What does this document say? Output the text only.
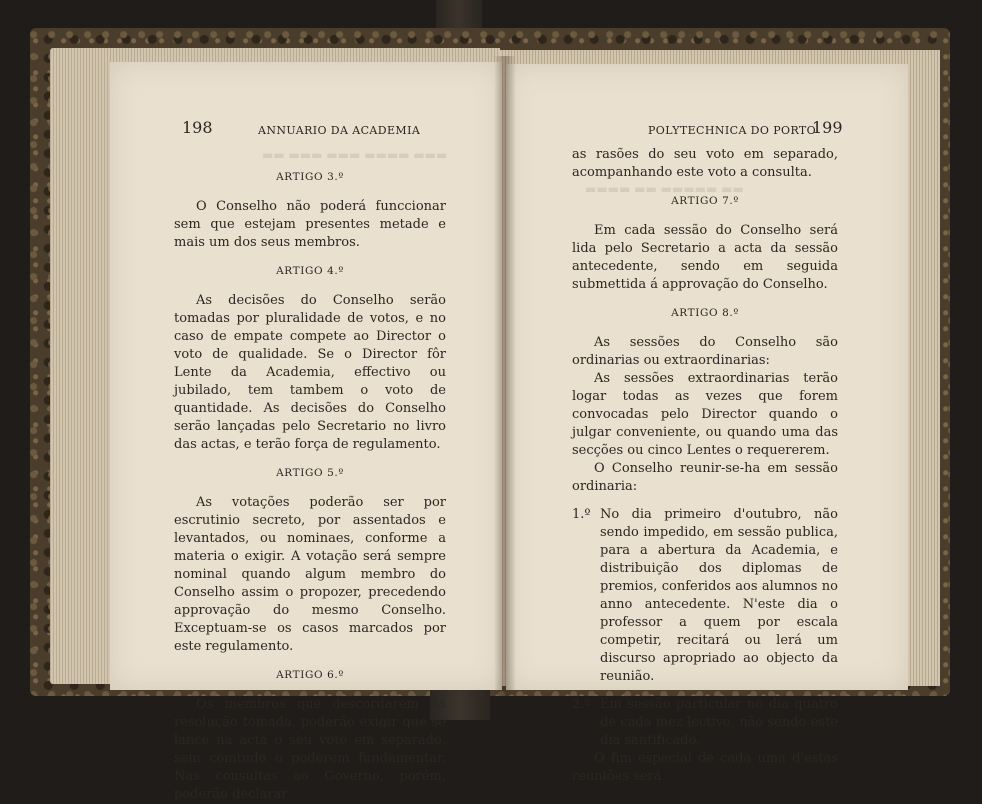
▬▬ ▬▬▬ ▬▬▬ ▬▬▬▬ ▬▬▬
▬▬▬▬ ▬▬ ▬▬▬▬▬ ▬▬
198	ANNUARIO DA ACADEMIA
ARTIGO 3.º

O Conselho não poderá funccionar sem que estejam presentes metade e mais um dos seus membros.

ARTIGO 4.º

As decisões do Conselho serão tomadas por pluralidade de votos, e no caso de empate compete ao Director o voto de qualidade. Se o Director fôr Lente da Academia, effectivo ou jubilado, tem tambem o voto de quantidade. As decisões do Conselho serão lançadas pelo Secretario no livro das actas, e terão força de regulamento.

ARTIGO 5.º

As votações poderão ser por escrutinio secreto, por assentados e levantados, ou nominaes, conforme a materia o exigir. A votação será sempre nominal quando algum membro do Conselho assim o propozer, precedendo approvação do mesmo Conselho. Exceptuam-se os casos marcados por este regulamento.

ARTIGO 6.º

Os membros que descordarem da resolução tomada, poderão exigir que se lance na acta o seu voto em separado, sem comtudo o poderem fundamentar. Nas consultas ao Governo, porém, poderão declarar

POLYTECHNICA DO PORTO
199

as rasões do seu voto em separado, acompanhando este voto a consulta.

ARTIGO 7.º

Em cada sessão do Conselho será lida pelo Secretario a acta da sessão antecedente, sendo em seguida submettida á approvação do Conselho.

ARTIGO 8.º

As sessões do Conselho são ordinarias ou extraordinarias:

As sessões extraordinarias terão logar todas as vezes que forem convocadas pelo Director quando o julgar conveniente, ou quando uma das secções ou cinco Lentes o requererem.

O Conselho reunir-se-ha em sessão ordinaria:

1.º No dia primeiro d'outubro, não sendo impedido, em sessão publica, para a abertura da Academia, e distribuição dos diplomas de premios, conferidos aos alumnos no anno antecedente. N'este dia o professor a quem por escala competir, recitará ou lerá um discurso apropriado ao objecto da reunião.

2.º Em sessão particular no dia quatro de cada mez lectivo, não sendo este dia santificado.

O fim especial de cada uma d'estas reuniões será
